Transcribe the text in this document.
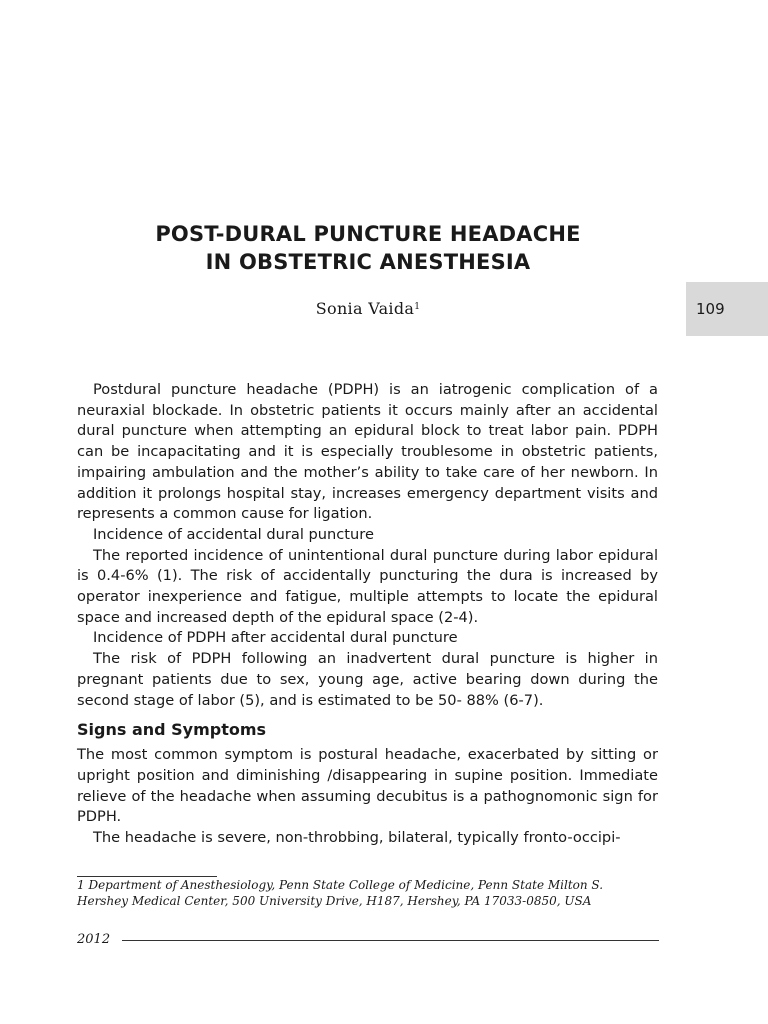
POST-DURAL PUNCTURE HEADACHE
IN OBSTETRIC ANESTHESIA
Sonia Vaida$^1$	109

Postdural puncture headache (PDPH) is an iatrogenic complication of a neuraxial blockade. In obstetric patients it occurs mainly after an accidental dural puncture when attempting an epidural block to treat labor pain. PDPH can be incapacitating and it is especially troublesome in obstetric patients, impairing ambulation and the mother’s ability to take care of her newborn. In addition it prolongs hospital stay, increases emergency department visits and represents a common cause for ligation.

Incidence of accidental dural puncture

The reported incidence of unintentional dural puncture during labor epidural is 0.4-6% (1). The risk of accidentally puncturing the dura is increased by operator inexperience and fatigue, multiple attempts to locate the epidural space and increased depth of the epidural space (2-4).

Incidence of PDPH after accidental dural puncture

The risk of PDPH following an inadvertent dural puncture is higher in pregnant patients due to sex, young age, active bearing down during the second stage of labor (5), and is estimated to be 50- 88% (6-7).

Signs and Symptoms

The most common symptom is postural headache, exacerbated by sitting or upright position and diminishing /disappearing in supine position. Immediate relieve of the headache when assuming decubitus is a pathognomonic sign for PDPH.

The headache is severe, non-throbbing, bilateral, typically fronto-occipi-

1 Department of Anesthesiology, Penn State College of Medicine, Penn State Milton S.
Hershey Medical Center, 500 University Drive, H187, Hershey, PA 17033-0850, USA
2012
